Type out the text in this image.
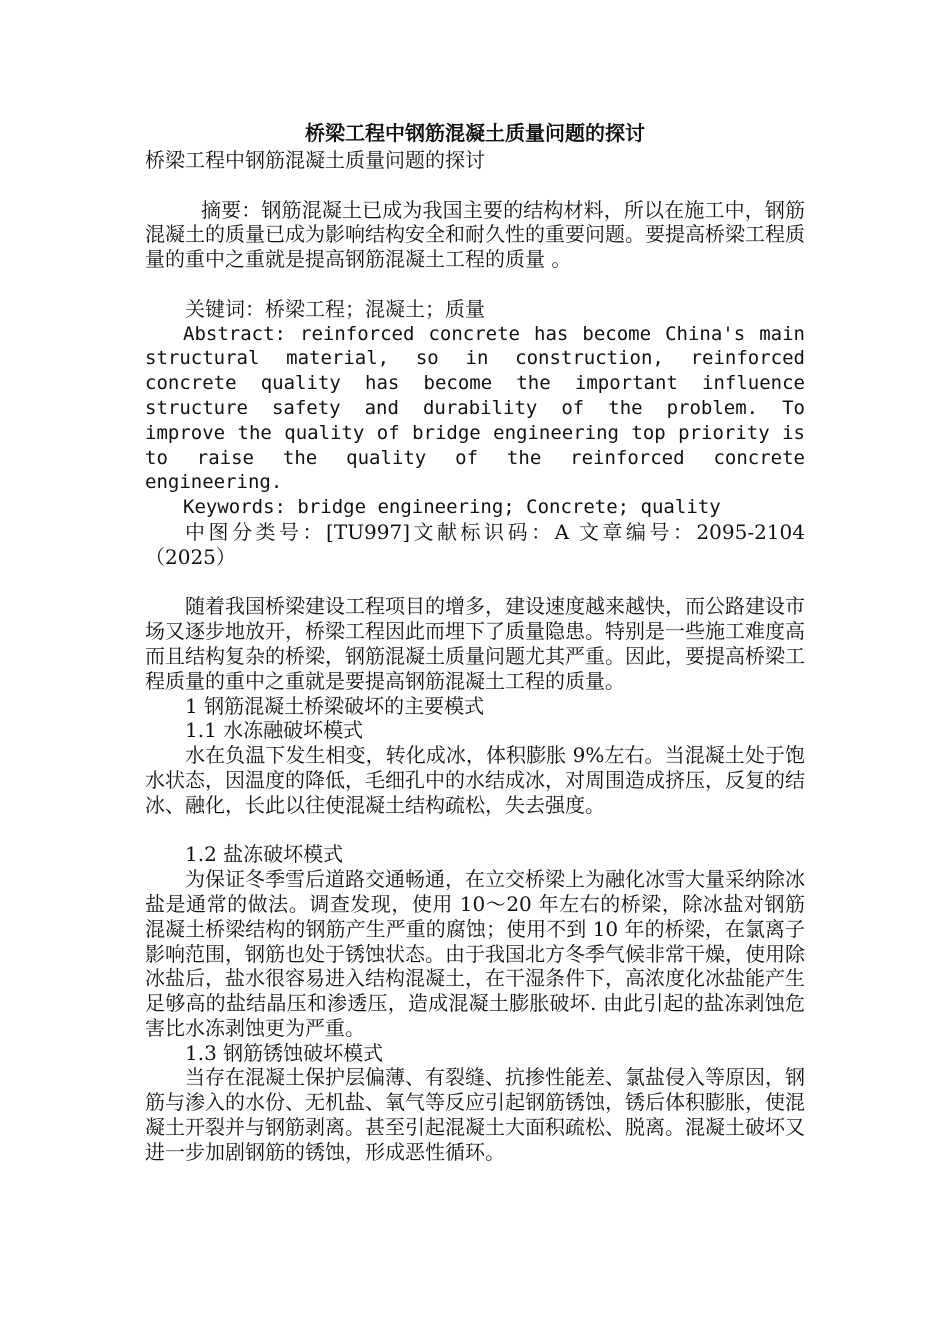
桥梁工程中钢筋混凝土质量问题的探讨

桥梁工程中钢筋混凝土质量问题的探讨

摘要：钢筋混凝土已成为我国主要的结构材料，所以在施工中，钢筋混凝土的质量已成为影响结构安全和耐久性的重要问题。要提高桥梁工程质量的重中之重就是提高钢筋混凝土工程的质量 。

关键词：桥梁工程；混凝土；质量

Abstract: reinforced concrete has become China's main structural material, so in construction, reinforced concrete quality has become the important influence structure safety and durability of the problem. To improve the quality of bridge engineering top priority is to raise the quality of the reinforced concrete engineering.

Keywords: bridge engineering; Concrete; quality

中图分类号：[TU997]文献标识码：A 文章编号：2095-2104（2025）

随着我国桥梁建设工程项目的增多，建设速度越来越快，而公路建设市场又逐步地放开，桥梁工程因此而埋下了质量隐患。特别是一些施工难度高而且结构复杂的桥梁，钢筋混凝土质量问题尤其严重。因此，要提高桥梁工程质量的重中之重就是要提高钢筋混凝土工程的质量。

1 钢筋混凝土桥梁破坏的主要模式

1.1 水冻融破坏模式

水在负温下发生相变，转化成冰，体积膨胀 9%左右。当混凝土处于饱水状态，因温度的降低，毛细孔中的水结成冰，对周围造成挤压，反复的结冰、融化，长此以往使混凝土结构疏松，失去强度。

1.2 盐冻破坏模式

为保证冬季雪后道路交通畅通，在立交桥梁上为融化冰雪大量采纳除冰盐是通常的做法。调查发现，使用 10～20 年左右的桥梁，除冰盐对钢筋混凝土桥梁结构的钢筋产生严重的腐蚀；使用不到 10 年的桥梁，在氯离子影响范围，钢筋也处于锈蚀状态。由于我国北方冬季气候非常干燥，使用除冰盐后，盐水很容易进入结构混凝土，在干湿条件下，高浓度化冰盐能产生足够高的盐结晶压和渗透压，造成混凝土膨胀破坏. 由此引起的盐冻剥蚀危害比水冻剥蚀更为严重。

1.3 钢筋锈蚀破坏模式

当存在混凝土保护层偏薄、有裂缝、抗掺性能差、氯盐侵入等原因，钢筋与渗入的水份、无机盐、氧气等反应引起钢筋锈蚀，锈后体积膨胀，使混凝土开裂并与钢筋剥离。甚至引起混凝土大面积疏松、脱离。混凝土破坏又进一步加剧钢筋的锈蚀，形成恶性循环。
